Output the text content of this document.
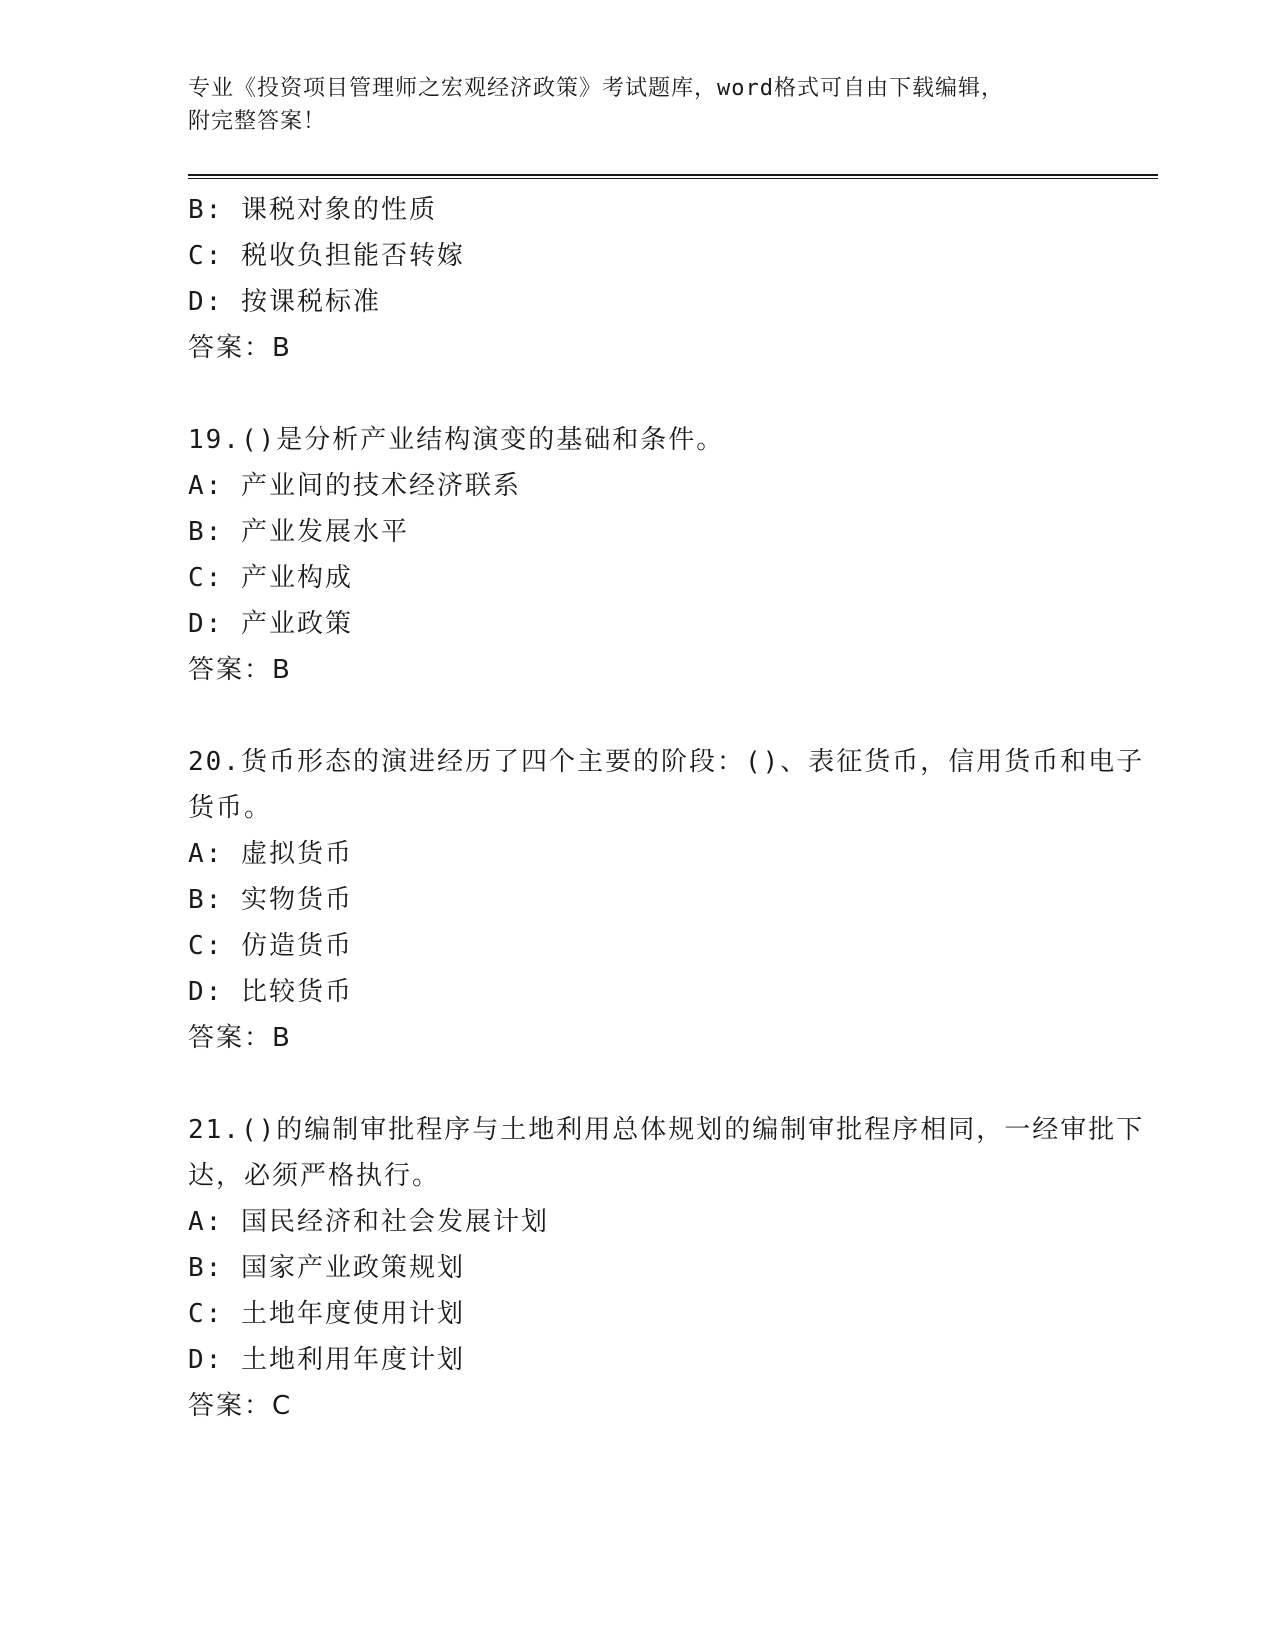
专业《投资项目管理师之宏观经济政策》考试题库，word格式可自由下载编辑，
附完整答案！
B: 课税对象的性质
C: 税收负担能否转嫁
D: 按课税标准
答案：B
19.()是分析产业结构演变的基础和条件。
A: 产业间的技术经济联系
B: 产业发展水平
C: 产业构成
D: 产业政策
答案：B
20.货币形态的演进经历了四个主要的阶段：()、表征货币，信用货币和电子货币。
A: 虚拟货币
B: 实物货币
C: 仿造货币
D: 比较货币
答案：B
21.()的编制审批程序与土地利用总体规划的编制审批程序相同，一经审批下达，必须严格执行。
A: 国民经济和社会发展计划
B: 国家产业政策规划
C: 土地年度使用计划
D: 土地利用年度计划
答案：C
